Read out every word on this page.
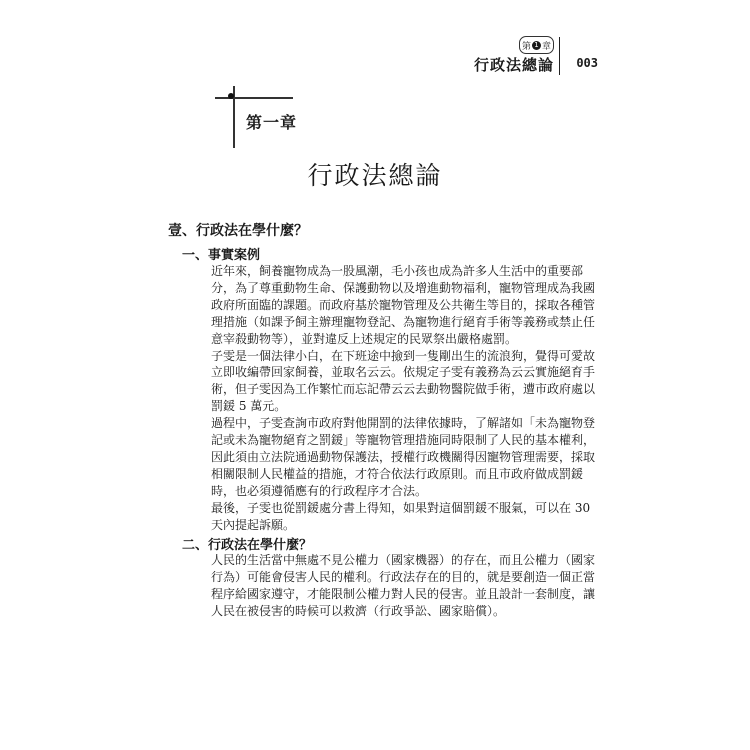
第 1 章
行政法總論 003
第一章
行政法總論
壹、行政法在學什麼？
一、事實案例

近年來，飼養寵物成為一股風潮，毛小孩也成為許多人生活中的重要部分，為了尊重動物生命、保護動物以及增進動物福利，寵物管理成為我國政府所面臨的課題。而政府基於寵物管理及公共衛生等目的，採取各種管理措施（如課予飼主辦理寵物登記、為寵物進行絕育手術等義務或禁止任意宰殺動物等），並對違反上述規定的民眾祭出嚴格處罰。

子雯是一個法律小白，在下班途中撿到一隻剛出生的流浪狗，覺得可愛故立即收編帶回家飼養，並取名云云。依規定子雯有義務為云云實施絕育手術，但子雯因為工作繁忙而忘記帶云云去動物醫院做手術，遭市政府處以罰鍰 5 萬元。

過程中，子雯查詢市政府對他開罰的法律依據時，了解諸如「未為寵物登記或未為寵物絕育之罰鍰」等寵物管理措施同時限制了人民的基本權利，因此須由立法院通過動物保護法，授權行政機關得因寵物管理需要，採取相關限制人民權益的措施，才符合依法行政原則。而且市政府做成罰鍰時，也必須遵循應有的行政程序才合法。

最後，子雯也從罰鍰處分書上得知，如果對這個罰鍰不服氣，可以在 30 天內提起訴願。

二、行政法在學什麼？

人民的生活當中無處不見公權力（國家機器）的存在，而且公權力（國家行為）可能會侵害人民的權利。行政法存在的目的，就是要創造一個正當程序給國家遵守，才能限制公權力對人民的侵害。並且設計一套制度，讓人民在被侵害的時候可以救濟（行政爭訟、國家賠償）。
